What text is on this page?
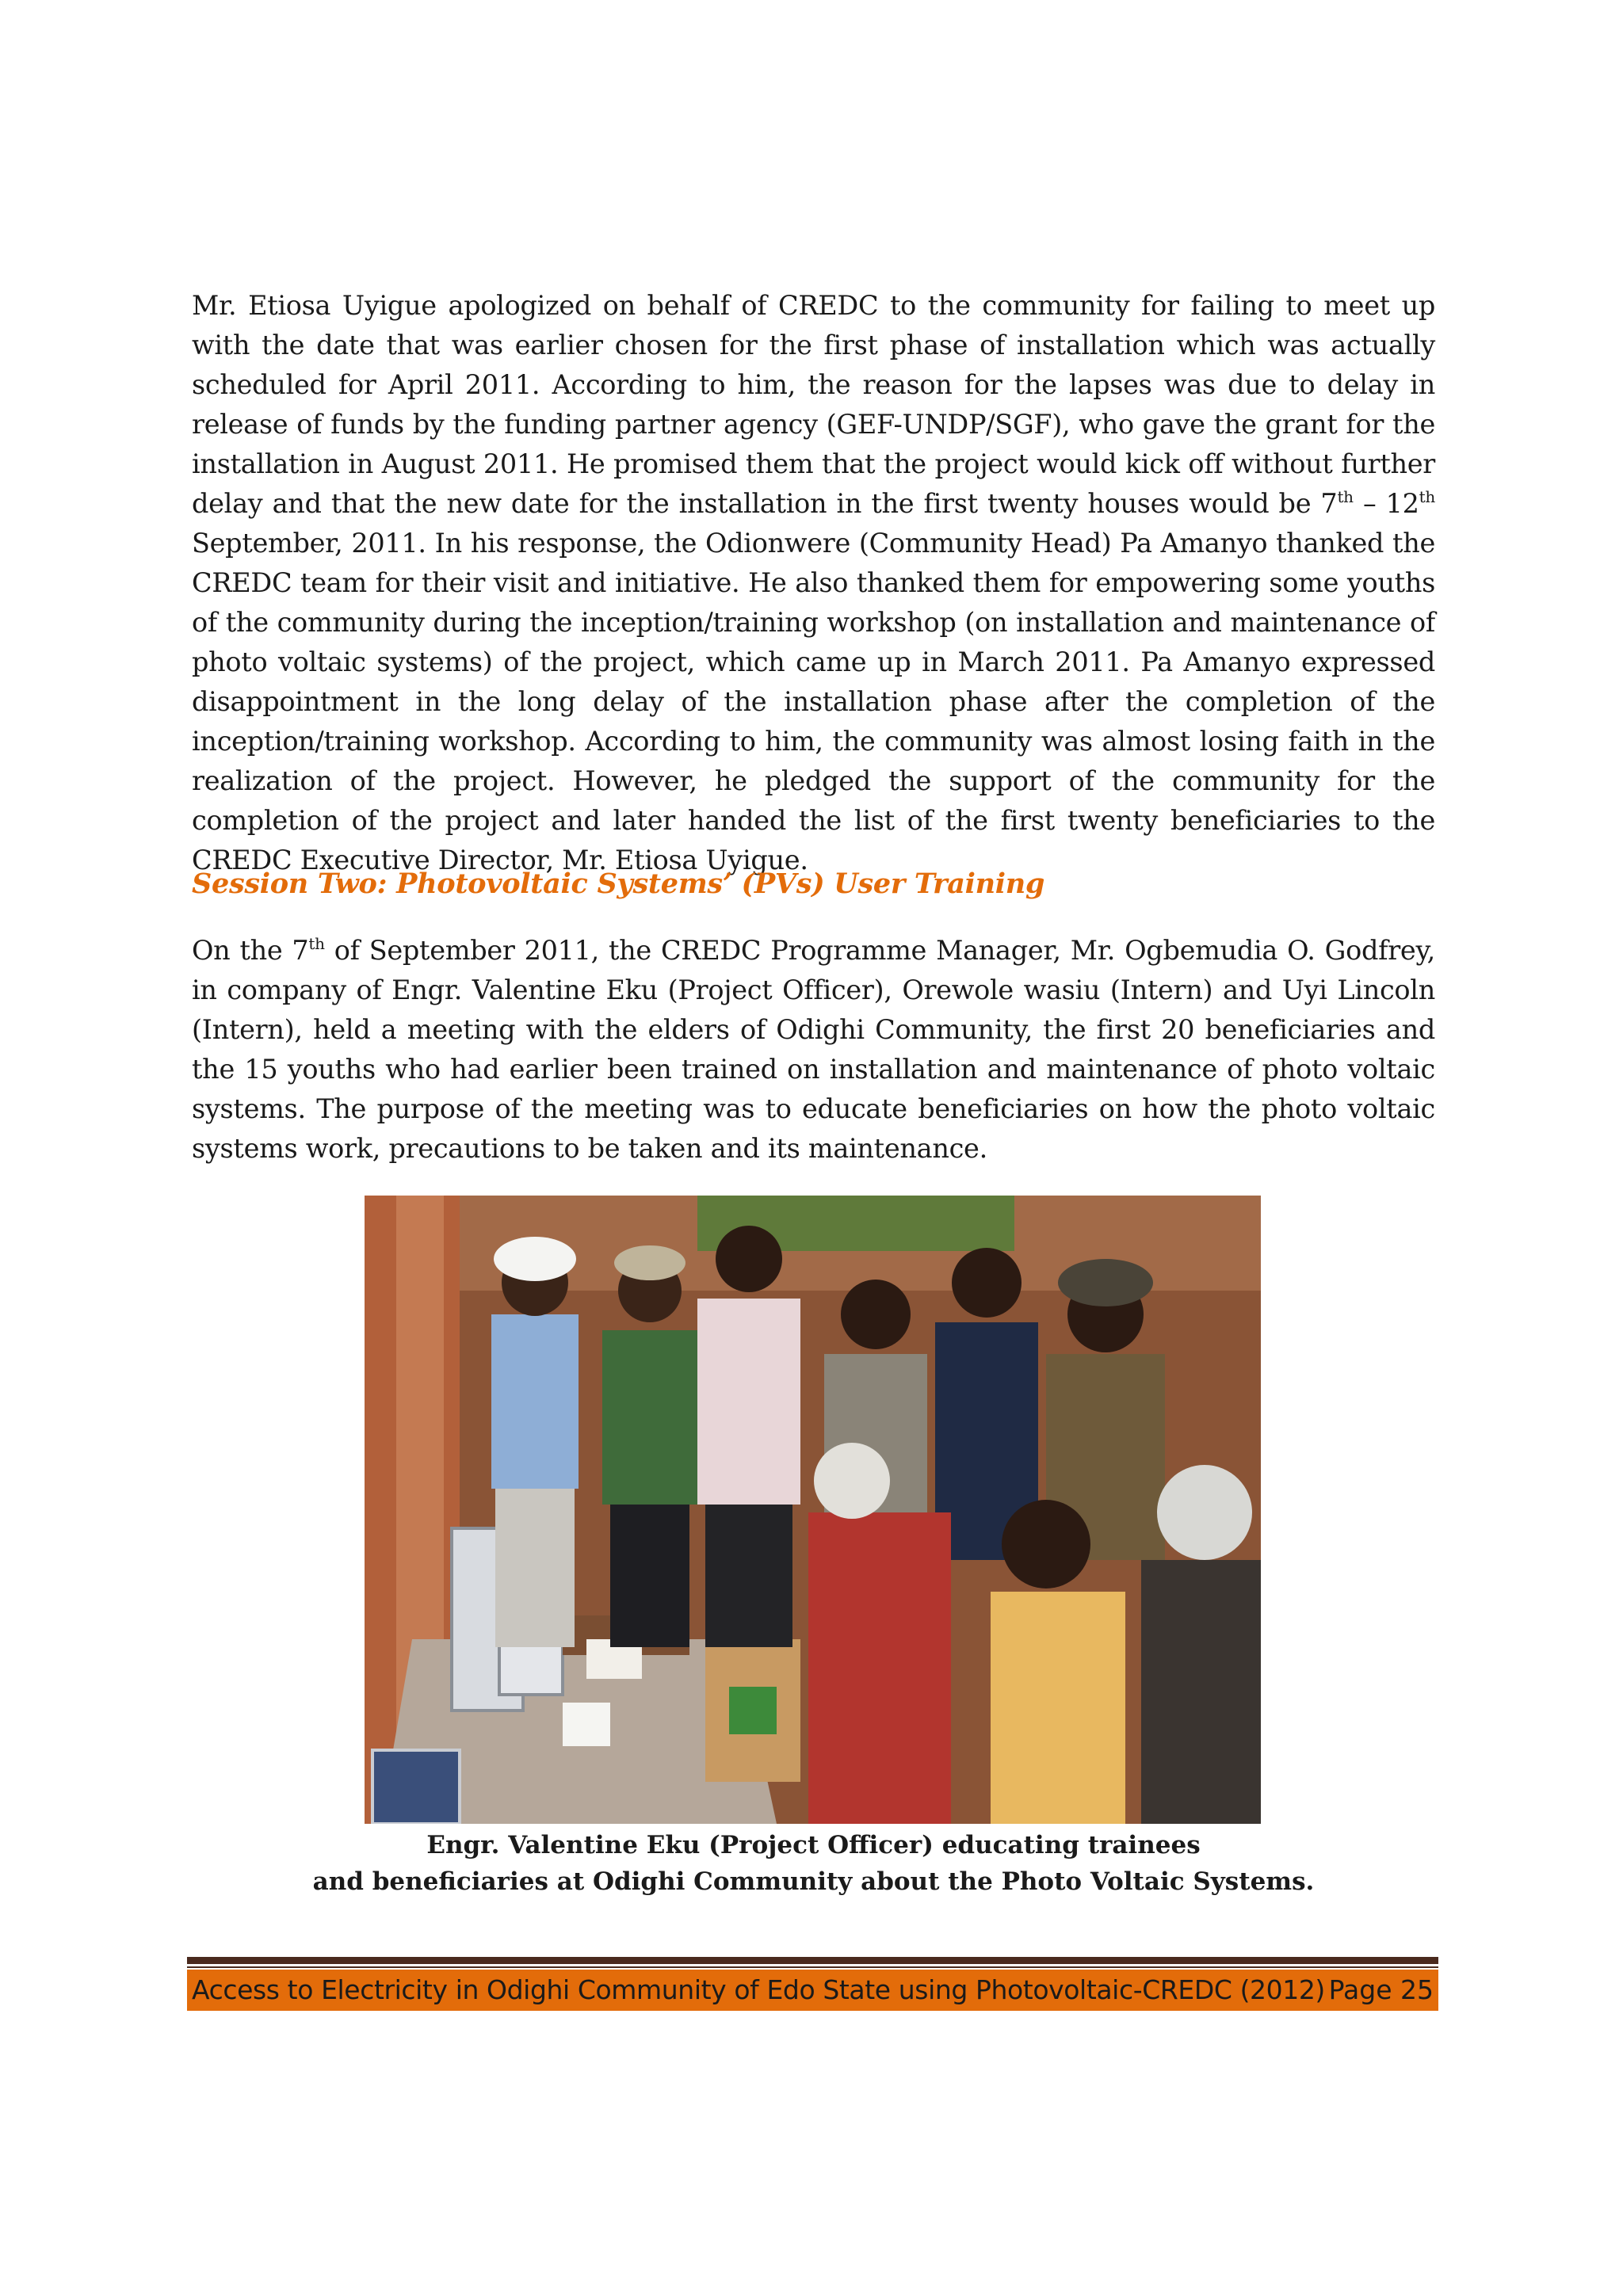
Mr. Etiosa Uyigue apologized on behalf of CREDC to the community for failing to meet up with the date that was earlier chosen for the first phase of installation which was actually scheduled for April 2011. According to him, the reason for the lapses was due to delay in release of funds by the funding partner agency (GEF-UNDP/SGF), who gave the grant for the installation in August 2011. He promised them that the project would kick off without further delay and that the new date for the installation in the first twenty houses would be 7th – 12th September, 2011. In his response, the Odionwere (Community Head) Pa Amanyo thanked the CREDC team for their visit and initiative. He also thanked them for empowering some youths of the community during the inception/training workshop (on installation and maintenance of photo voltaic systems) of the project, which came up in March 2011. Pa Amanyo expressed disappointment in the long delay of the installation phase after the completion of the inception/training workshop. According to him, the community was almost losing faith in the realization of the project. However, he pledged the support of the community for the completion of the project and later handed the list of the first twenty beneficiaries to the CREDC Executive Director, Mr. Etiosa Uyigue.

Session Two: Photovoltaic Systems’ (PVs) User Training

On the 7th of September 2011, the CREDC Programme Manager, Mr. Ogbemudia O. Godfrey, in company of Engr. Valentine Eku (Project Officer), Orewole wasiu (Intern) and Uyi Lincoln (Intern), held a meeting with the elders of Odighi Community, the first 20 beneficiaries and the 15 youths who had earlier been trained on installation and maintenance of photo voltaic systems. The purpose of the meeting was to educate beneficiaries on how the photo voltaic systems work, precautions to be taken and its maintenance.

Engr. Valentine Eku (Project Officer) educating trainees

and beneficiaries at Odighi Community about the Photo Voltaic Systems.

Access to Electricity in Odighi Community of Edo State using Photovoltaic-CREDC (2012) Page 25
